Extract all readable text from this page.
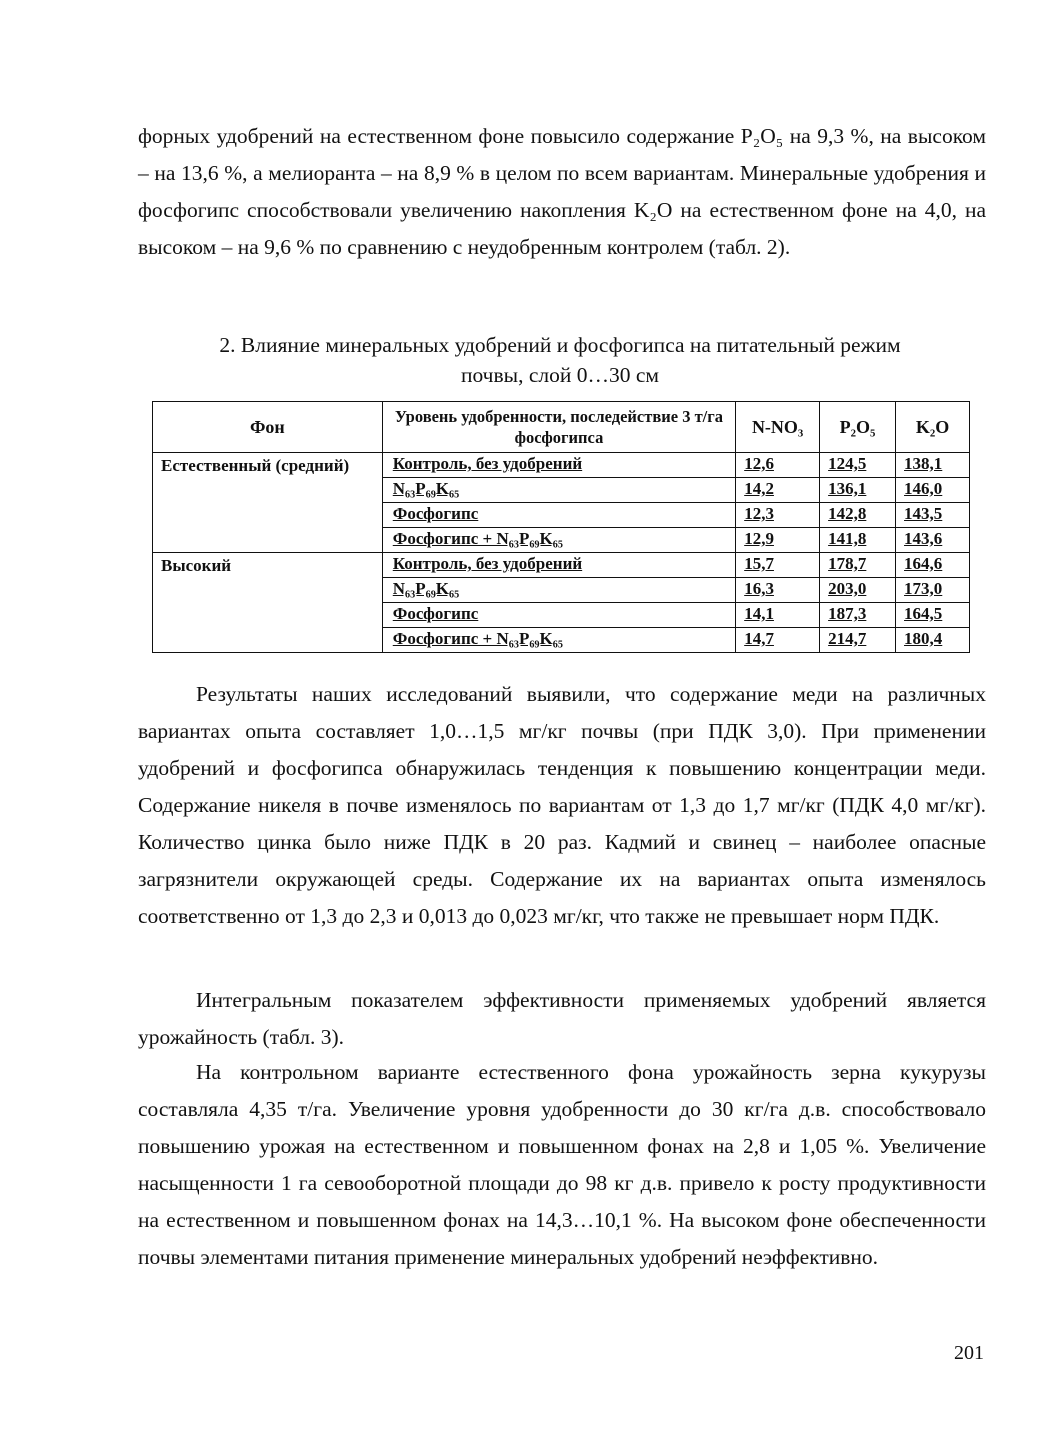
форных удобрений на естественном фоне повысило содержание P₂O₅ на 9,3 %, на высоком – на 13,6 %, а мелиоранта – на 8,9 % в целом по всем вариантам. Минеральные удобрения и фосфогипс способствовали увеличению накопления K₂O на естественном фоне на 4,0, на высоком – на 9,6 % по сравнению с неудобренным контролем (табл. 2).

2. Влияние минеральных удобрений и фосфогипса на питательный режим
почвы, слой 0…30 см
Фон	Уровень удобренности, последействие 3 т/га фосфогипса	N-NO₃	P₂O₅	K₂O
Естественный (средний)	Контроль, без удобрений	12,6	124,5	138,1
	N₆₃P₆₉K₆₅	14,2	136,1	146,0
	Фосфогипс	12,3	142,8	143,5
	Фосфогипс + N₆₃P₆₉K₆₅	12,9	141,8	143,6
Высокий	Контроль, без удобрений	15,7	178,7	164,6
	N₆₃P₆₉K₆₅	16,3	203,0	173,0
	Фосфогипс	14,1	187,3	164,5
	Фосфогипс + N₆₃P₆₉K₆₅	14,7	214,7	180,4

Результаты наших исследований выявили, что содержание меди на различных вариантах опыта составляет 1,0…1,5 мг/кг почвы (при ПДК 3,0). При применении удобрений и фосфогипса обнаружилась тенденция к повышению концентрации меди. Содержание никеля в почве изменялось по вариантам от 1,3 до 1,7 мг/кг (ПДК 4,0 мг/кг). Количество цинка было ниже ПДК в 20 раз. Кадмий и свинец – наиболее опасные загрязнители окружающей среды. Содержание их на вариантах опыта изменялось соответственно от 1,3 до 2,3 и 0,013 до 0,023 мг/кг, что также не превышает норм ПДК.

Интегральным показателем эффективности применяемых удобрений является урожайность (табл. 3).

На контрольном варианте естественного фона урожайность зерна кукурузы составляла 4,35 т/га. Увеличение уровня удобренности до 30 кг/га д.в. способствовало повышению урожая на естественном и повышенном фонах на 2,8 и 1,05 %. Увеличение насыщенности 1 га севооборотной площади до 98 кг д.в. привело к росту продуктивности на естественном и повышенном фонах на 14,3…10,1 %. На высоком фоне обеспеченности почвы элементами питания применение минеральных удобрений неэффективно.

201
